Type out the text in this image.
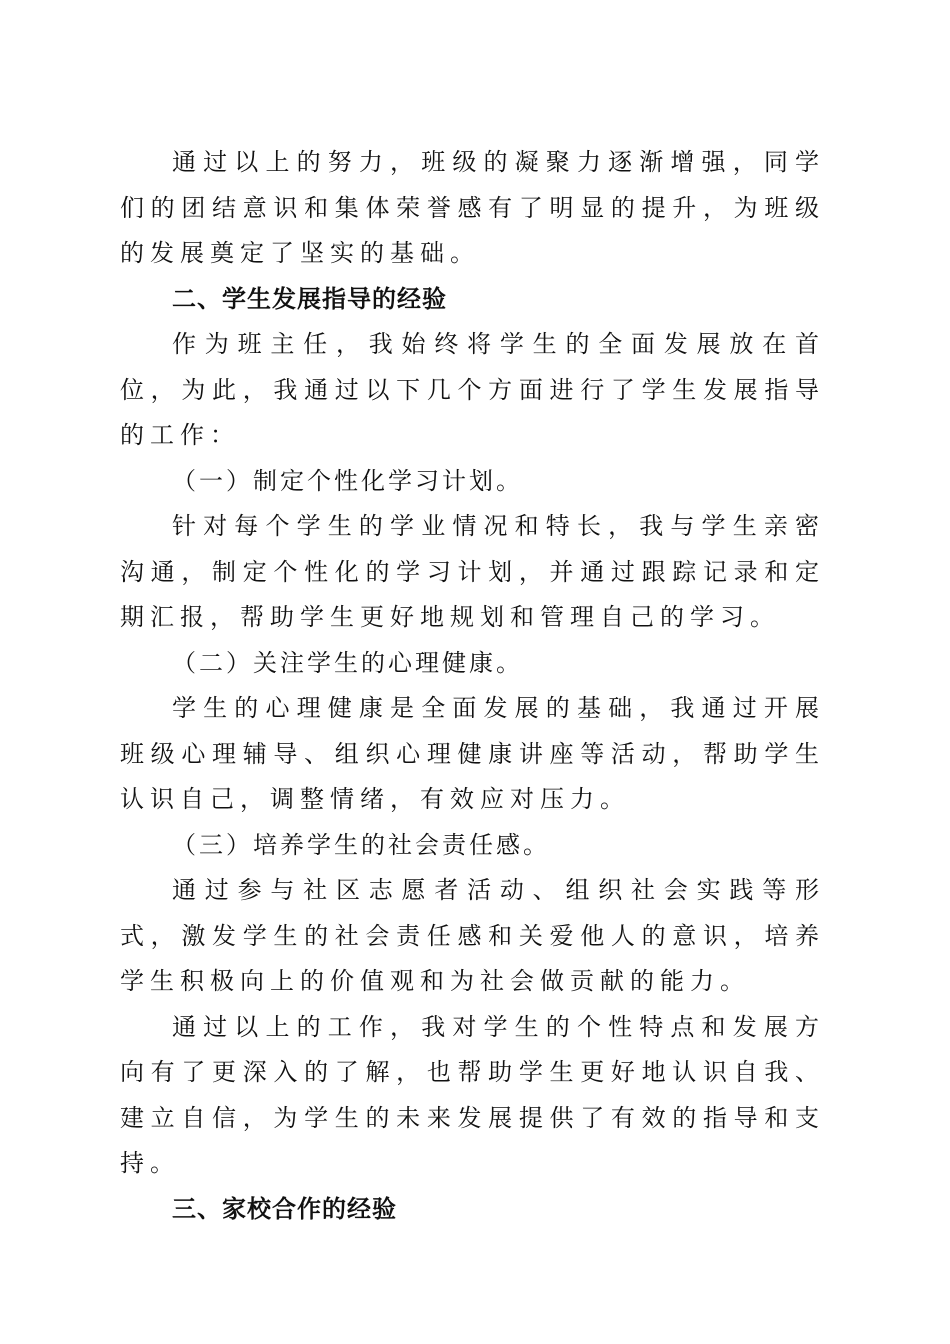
通过以上的努力，班级的凝聚力逐渐增强，同学们的团结意识和集体荣誉感有了明显的提升，为班级的发展奠定了坚实的基础。

二、学生发展指导的经验

作为班主任，我始终将学生的全面发展放在首位，为此，我通过以下几个方面进行了学生发展指导的工作：

（一）制定个性化学习计划。

针对每个学生的学业情况和特长，我与学生亲密沟通，制定个性化的学习计划，并通过跟踪记录和定期汇报，帮助学生更好地规划和管理自己的学习。

（二）关注学生的心理健康。

学生的心理健康是全面发展的基础，我通过开展班级心理辅导、组织心理健康讲座等活动，帮助学生认识自己，调整情绪，有效应对压力。

（三）培养学生的社会责任感。

通过参与社区志愿者活动、组织社会实践等形式，激发学生的社会责任感和关爱他人的意识，培养学生积极向上的价值观和为社会做贡献的能力。

通过以上的工作，我对学生的个性特点和发展方向有了更深入的了解，也帮助学生更好地认识自我、建立自信，为学生的未来发展提供了有效的指导和支持。

三、家校合作的经验
